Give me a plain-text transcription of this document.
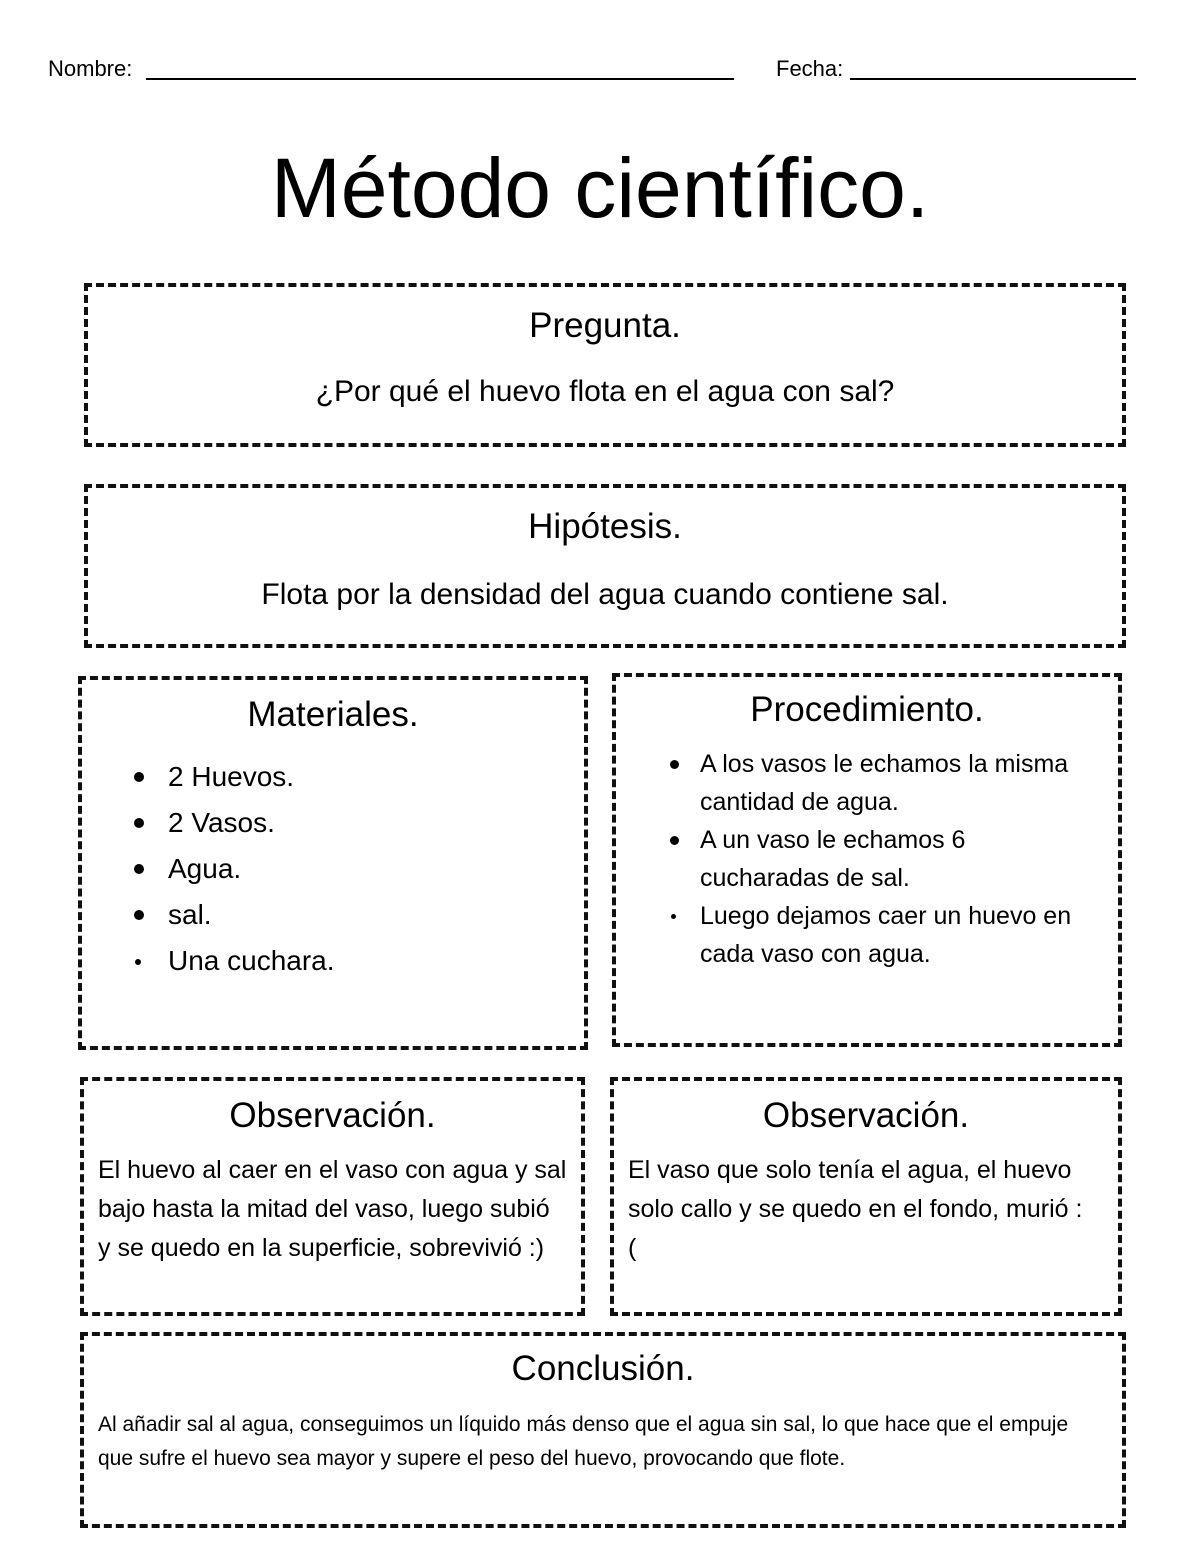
Nombre:	Fecha:
Método científico.
Pregunta.
¿Por qué el huevo flota en el agua con sal?
Hipótesis.
Flota por la densidad del agua cuando contiene sal.
Materiales.
2 Huevos.
2 Vasos.
Agua.
sal.
Una cuchara.
Procedimiento.
A los vasos le echamos la misma cantidad de agua.
A un vaso le echamos 6 cucharadas de sal.
Luego dejamos caer un huevo en cada vaso con agua.
Observación.
El huevo al caer en el vaso con agua y sal bajo hasta la mitad del vaso, luego subió y se quedo en la superficie, sobrevivió :)
Observación.
El vaso que solo tenía el agua, el huevo solo callo y se quedo en el fondo, murió :(
Conclusión.
Al añadir sal al agua, conseguimos un líquido más denso que el agua sin sal, lo que hace que el empuje que sufre el huevo sea mayor y supere el peso del huevo, provocando que flote.
